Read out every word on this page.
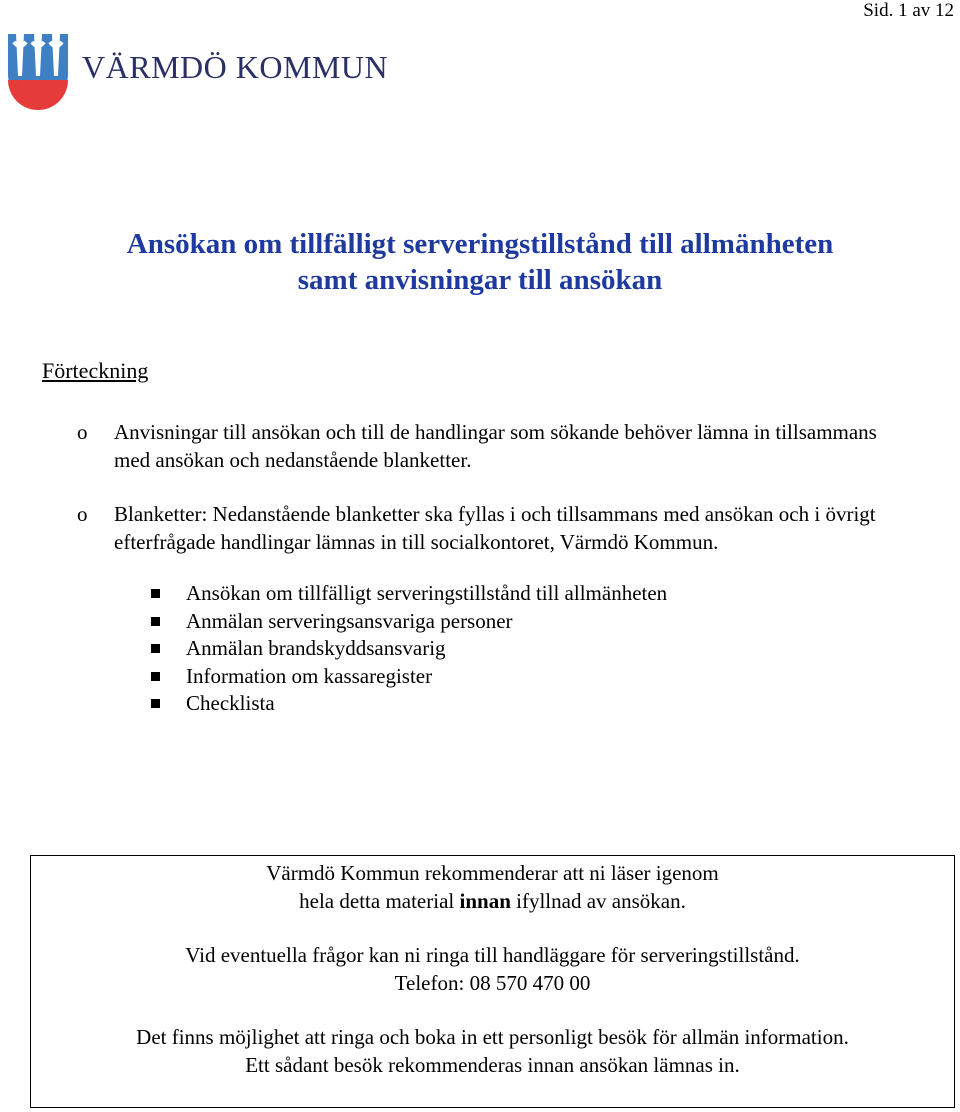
Sid. 1 av 12
VÄRMDÖ KOMMUN
Ansökan om tillfälligt serveringstillstånd till allmänheten
samt anvisningar till ansökan
Förteckning
o Anvisningar till ansökan och till de handlingar som sökande behöver lämna in tillsammans med ansökan och nedanstående blanketter.
o Blanketter: Nedanstående blanketter ska fyllas i och tillsammans med ansökan och i övrigt efterfrågade handlingar lämnas in till socialkontoret, Värmdö Kommun.
Ansökan om tillfälligt serveringstillstånd till allmänheten
Anmälan serveringsansvariga personer
Anmälan brandskyddsansvarig
Information om kassaregister
Checklista

Värmdö Kommun rekommenderar att ni läser igenom

hela detta material innan ifyllnad av ansökan.

Vid eventuella frågor kan ni ringa till handläggare för serveringstillstånd.

Telefon: 08 570 470 00

Det finns möjlighet att ringa och boka in ett personligt besök för allmän information.

Ett sådant besök rekommenderas innan ansökan lämnas in.
